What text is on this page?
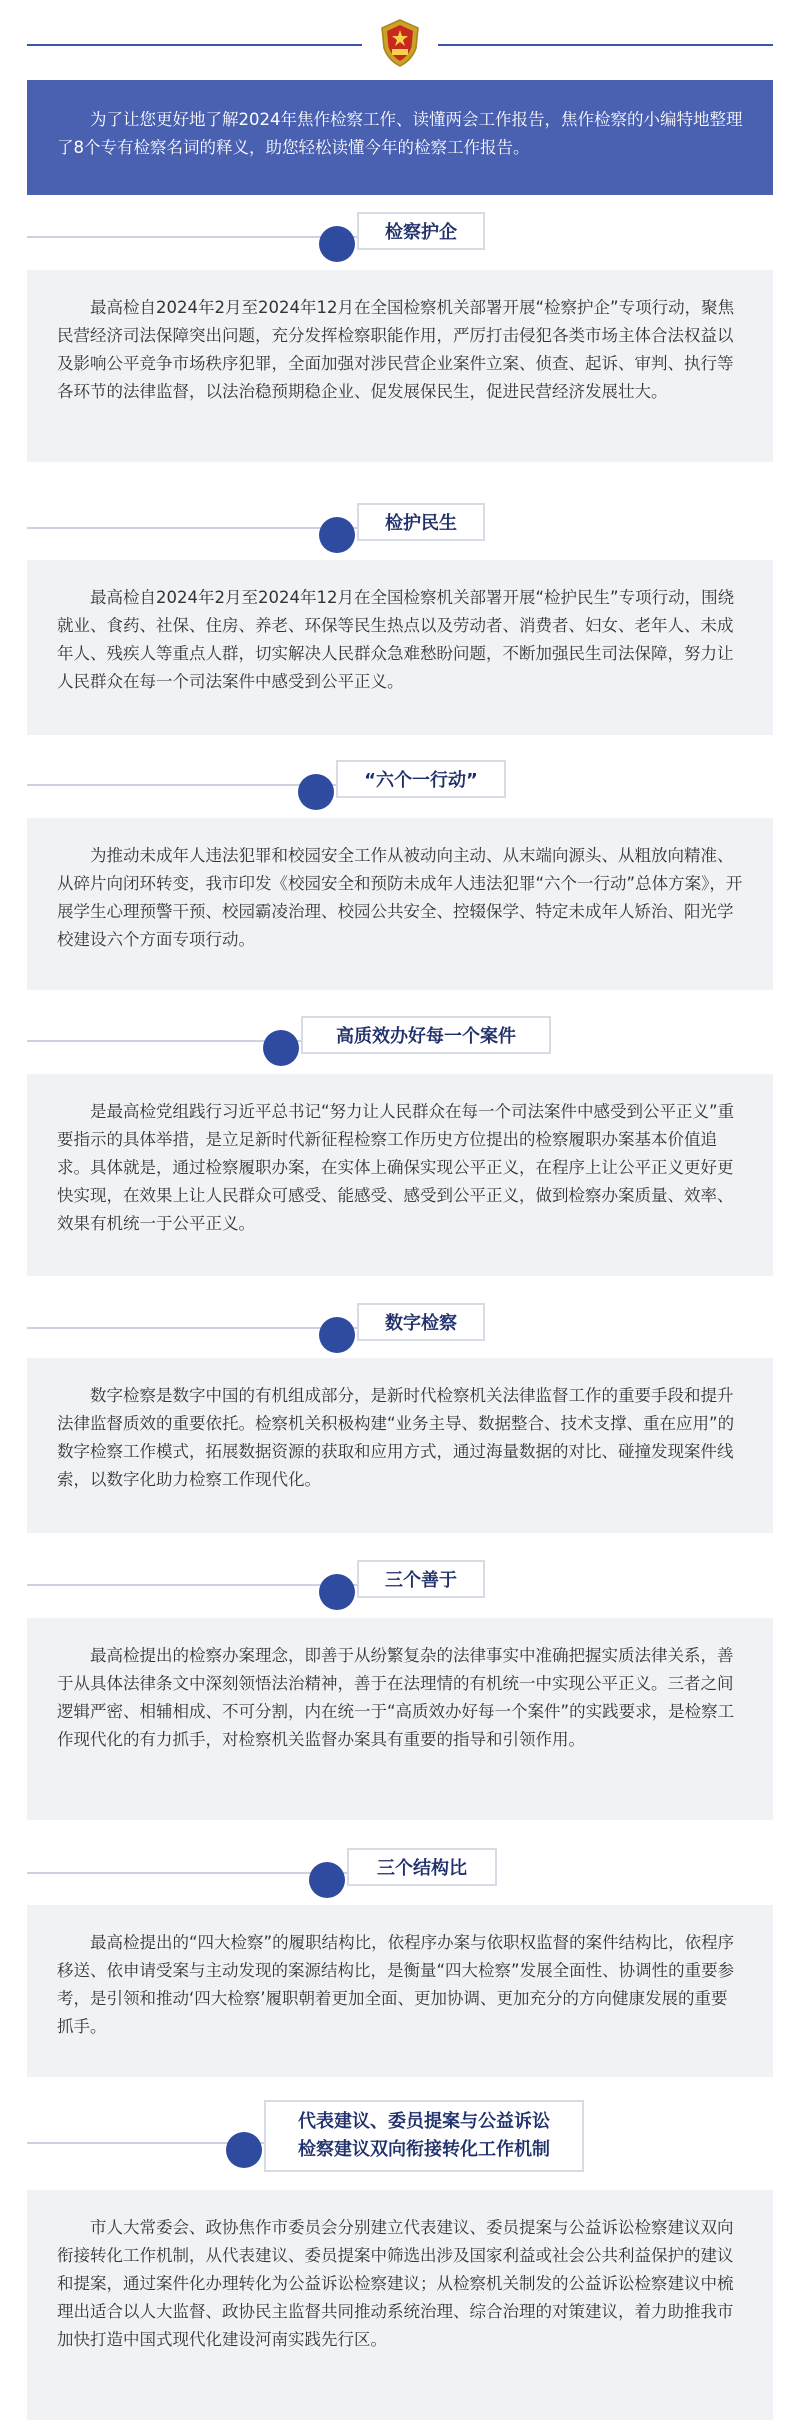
为了让您更好地了解2024年焦作检察工作、读懂两会工作报告，焦作检察的小编特地整理了8个专有检察名词的释义，助您轻松读懂今年的检察工作报告。
检察护企
最高检自2024年2月至2024年12月在全国检察机关部署开展“检察护企”专项行动，聚焦民营经济司法保障突出问题，充分发挥检察职能作用，严厉打击侵犯各类市场主体合法权益以及影响公平竞争市场秩序犯罪，全面加强对涉民营企业案件立案、侦查、起诉、审判、执行等各环节的法律监督，以法治稳预期稳企业、促发展保民生，促进民营经济发展壮大。
检护民生
最高检自2024年2月至2024年12月在全国检察机关部署开展“检护民生”专项行动，围绕就业、食药、社保、住房、养老、环保等民生热点以及劳动者、消费者、妇女、老年人、未成年人、残疾人等重点人群，切实解决人民群众急难愁盼问题，不断加强民生司法保障，努力让人民群众在每一个司法案件中感受到公平正义。
“六个一行动”
为推动未成年人违法犯罪和校园安全工作从被动向主动、从末端向源头、从粗放向精准、从碎片向闭环转变，我市印发《校园安全和预防未成年人违法犯罪“六个一行动”总体方案》，开展学生心理预警干预、校园霸凌治理、校园公共安全、控辍保学、特定未成年人矫治、阳光学校建设六个方面专项行动。
高质效办好每一个案件
是最高检党组践行习近平总书记“努力让人民群众在每一个司法案件中感受到公平正义”重要指示的具体举措，是立足新时代新征程检察工作历史方位提出的检察履职办案基本价值追求。具体就是，通过检察履职办案，在实体上确保实现公平正义，在程序上让公平正义更好更快实现，在效果上让人民群众可感受、能感受、感受到公平正义，做到检察办案质量、效率、效果有机统一于公平正义。
数字检察
数字检察是数字中国的有机组成部分，是新时代检察机关法律监督工作的重要手段和提升法律监督质效的重要依托。检察机关积极构建“业务主导、数据整合、技术支撑、重在应用”的数字检察工作模式，拓展数据资源的获取和应用方式，通过海量数据的对比、碰撞发现案件线索，以数字化助力检察工作现代化。
三个善于
最高检提出的检察办案理念，即善于从纷繁复杂的法律事实中准确把握实质法律关系，善于从具体法律条文中深刻领悟法治精神，善于在法理情的有机统一中实现公平正义。三者之间逻辑严密、相辅相成、不可分割，内在统一于“高质效办好每一个案件”的实践要求，是检察工作现代化的有力抓手，对检察机关监督办案具有重要的指导和引领作用。
三个结构比
最高检提出的“四大检察”的履职结构比，依程序办案与依职权监督的案件结构比，依程序移送、依申请受案与主动发现的案源结构比，是衡量“四大检察”发展全面性、协调性的重要参考，是引领和推动‘四大检察’履职朝着更加全面、更加协调、更加充分的方向健康发展的重要抓手。
代表建议、委员提案与公益诉讼
检察建议双向衔接转化工作机制
市人大常委会、政协焦作市委员会分别建立代表建议、委员提案与公益诉讼检察建议双向衔接转化工作机制，从代表建议、委员提案中筛选出涉及国家利益或社会公共利益保护的建议和提案，通过案件化办理转化为公益诉讼检察建议；从检察机关制发的公益诉讼检察建议中梳理出适合以人大监督、政协民主监督共同推动系统治理、综合治理的对策建议，着力助推我市加快打造中国式现代化建设河南实践先行区。
